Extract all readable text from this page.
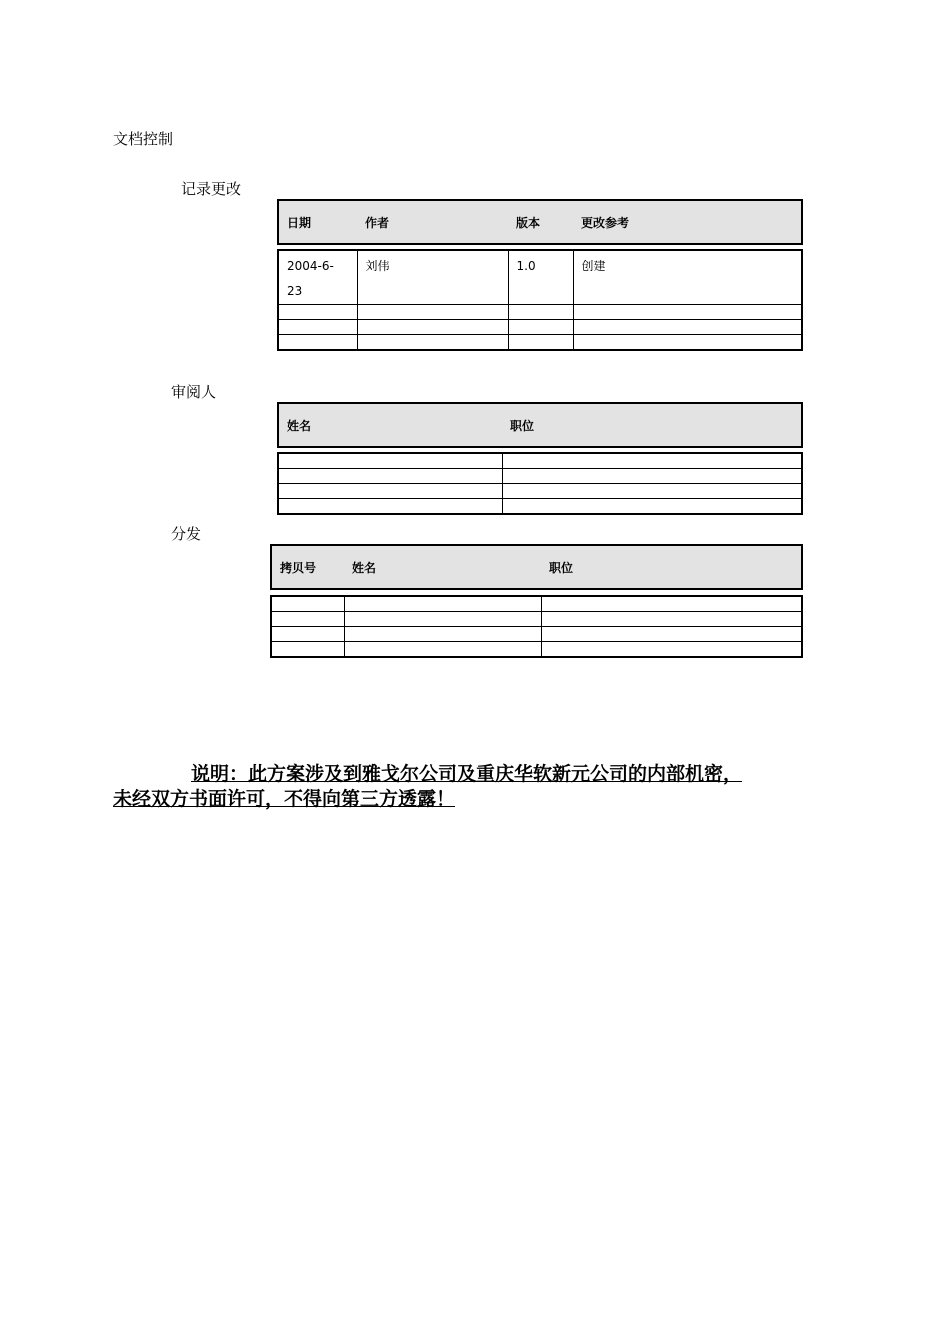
文档控制
记录更改
日期	作者	版本	更改参考
2004-6-23	刘伟	1.0	创建

审阅人
姓名	职位

分发
拷贝号	姓名	职位

说明：此方案涉及到雅戈尔公司及重庆华软新元公司的内部机密，
未经双方书面许可，不得向第三方透露！
